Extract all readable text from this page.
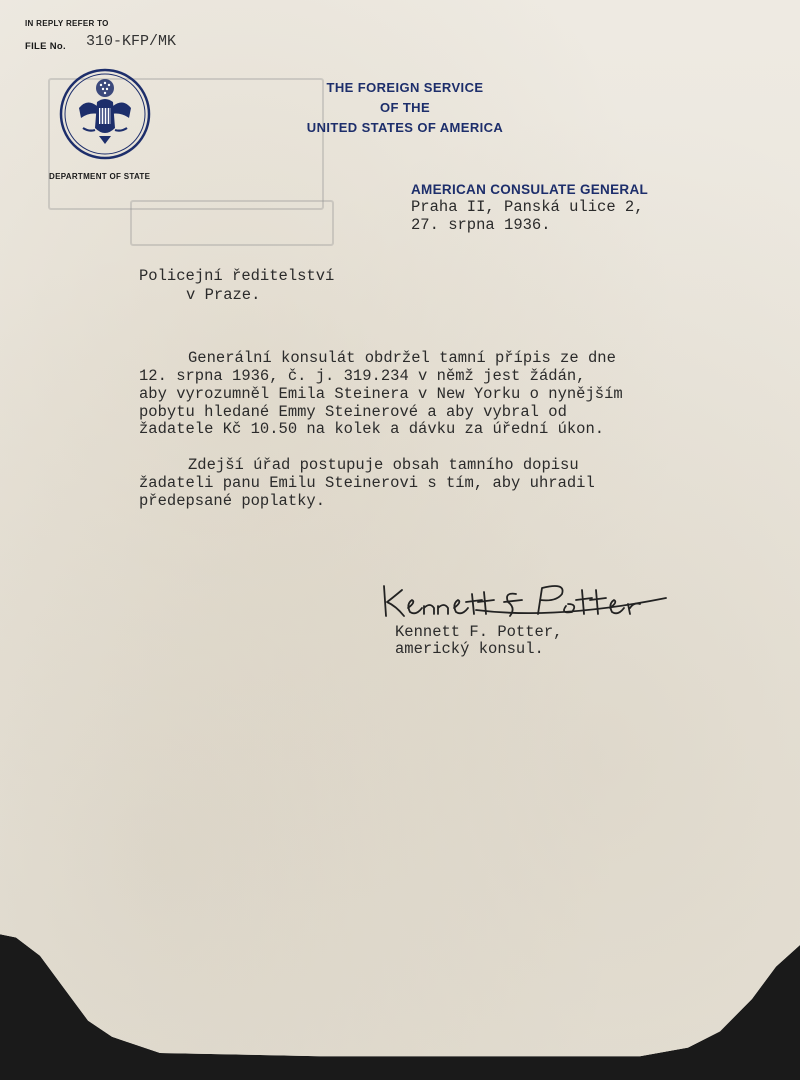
IN REPLY REFER TO
FILE No. 310-KFP/MK
DEPARTMENT OF STATE
THE FOREIGN SERVICE
OF THE
UNITED STATES OF AMERICA
AMERICAN CONSULATE GENERAL
Praha II, Panská ulice 2,
27. srpna 1936.
Policejní ředitelství
v Praze.
Generální konsulát obdržel tamní přípis ze dne
12. srpna 1936, č. j. 319.234 v němž jest žádán,
aby vyrozumněl Emila Steinera v New Yorku o nynějším
pobytu hledané Emmy Steinerové a aby vybral od
žadatele Kč 10.50 na kolek a dávku za úřední úkon.
Zdejší úřad postupuje obsah tamního dopisu
žadateli panu Emilu Steinerovi s tím, aby uhradil
předepsané poplatky.
Kennett F. Potter,
americký konsul.
